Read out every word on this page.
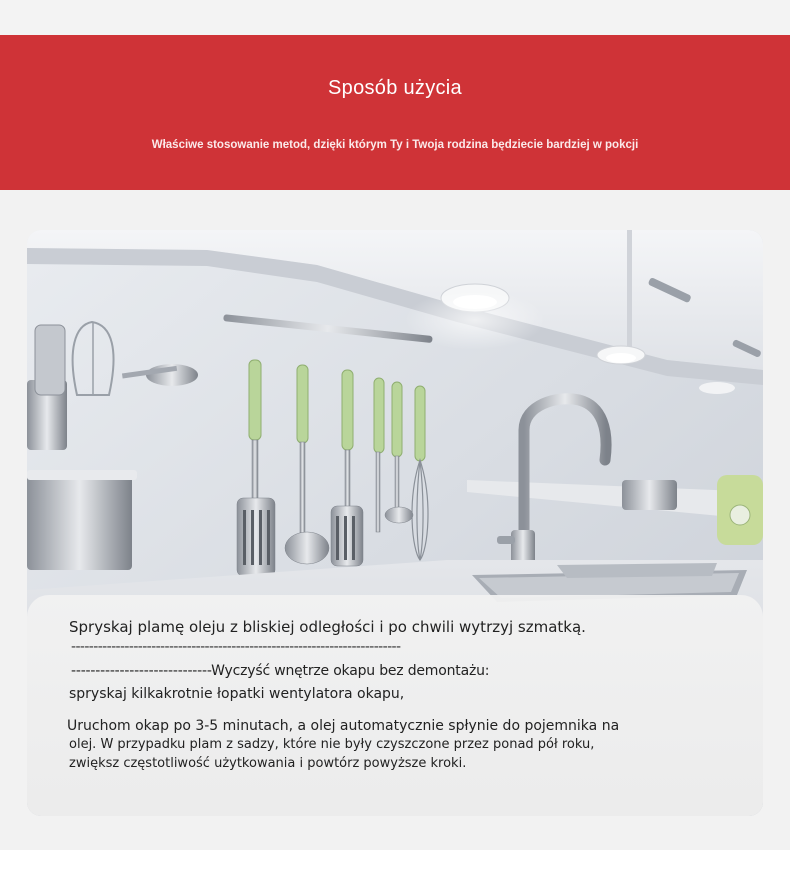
Sposób użycia
Właściwe stosowanie metod, dzięki którym Ty i Twoja rodzina będziecie bardziej w pokcji
Spryskaj plamę oleju z bliskiej odległości i po chwili wytrzyj szmatką.
--------------------------------------------------------------------------
-----------------------------Wyczyść wnętrze okapu bez demontażu:
spryskaj kilkakrotnie łopatki wentylatora okapu,
Uruchom okap po 3-5 minutach, a olej automatycznie spłynie do pojemnika na
olej. W przypadku plam z sadzy, które nie były czyszczone przez ponad pół roku,
zwiększ częstotliwość użytkowania i powtórz powyższe kroki.
